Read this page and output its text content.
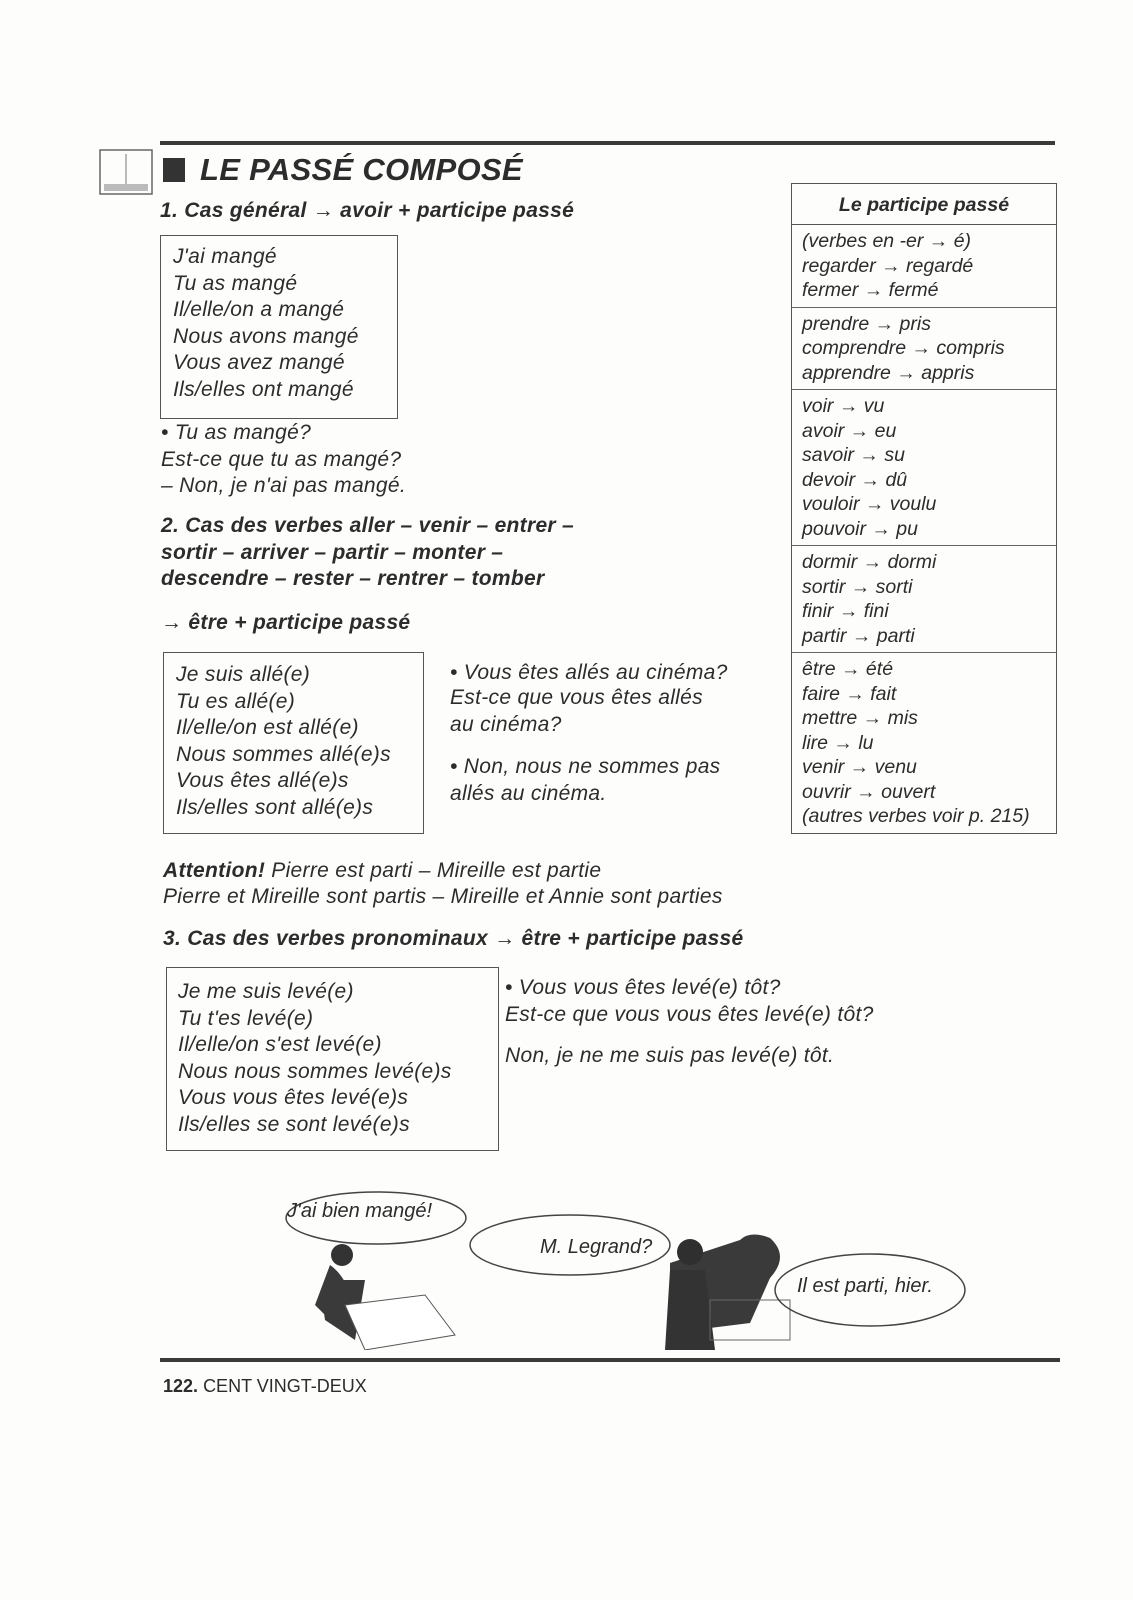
LE PASSÉ COMPOSÉ
1. Cas général → avoir + participe passé
J'ai mangé
Tu as mangé
Il/elle/on a mangé
Nous avons mangé
Vous avez mangé
Ils/elles ont mangé
• Tu as mangé?
Est-ce que tu as mangé?
– Non, je n'ai pas mangé.
2. Cas des verbes aller – venir – entrer –
sortir – arriver – partir – monter –
descendre – rester – rentrer – tomber
→ être + participe passé
Je suis allé(e)
Tu es allé(e)
Il/elle/on est allé(e)
Nous sommes allé(e)s
Vous êtes allé(e)s
Ils/elles sont allé(e)s
• Vous êtes allés au cinéma?
Est-ce que vous êtes allés
au cinéma?
• Non, nous ne sommes pas
allés au cinéma.
Attention! Pierre est parti – Mireille est partie
Pierre et Mireille sont partis – Mireille et Annie sont parties
3. Cas des verbes pronominaux → être + participe passé
Je me suis levé(e)
Tu t'es levé(e)
Il/elle/on s'est levé(e)
Nous nous sommes levé(e)s
Vous vous êtes levé(e)s
Ils/elles se sont levé(e)s
• Vous vous êtes levé(e) tôt?
Est-ce que vous vous êtes levé(e) tôt?
Non, je ne me suis pas levé(e) tôt.
Le participe passé
(verbes en -er → é)
regarder → regardé
fermer → fermé
prendre → pris
comprendre → compris
apprendre → appris
voir → vu
avoir → eu
savoir → su
devoir → dû
vouloir → voulu
pouvoir → pu
dormir → dormi
sortir → sorti
finir → fini
partir → parti
être → été
faire → fait
mettre → mis
lire → lu
venir → venu
ouvrir → ouvert
(autres verbes voir p. 215)
J'ai bien mangé!
M. Legrand?
Il est parti, hier.
122. CENT VINGT-DEUX
